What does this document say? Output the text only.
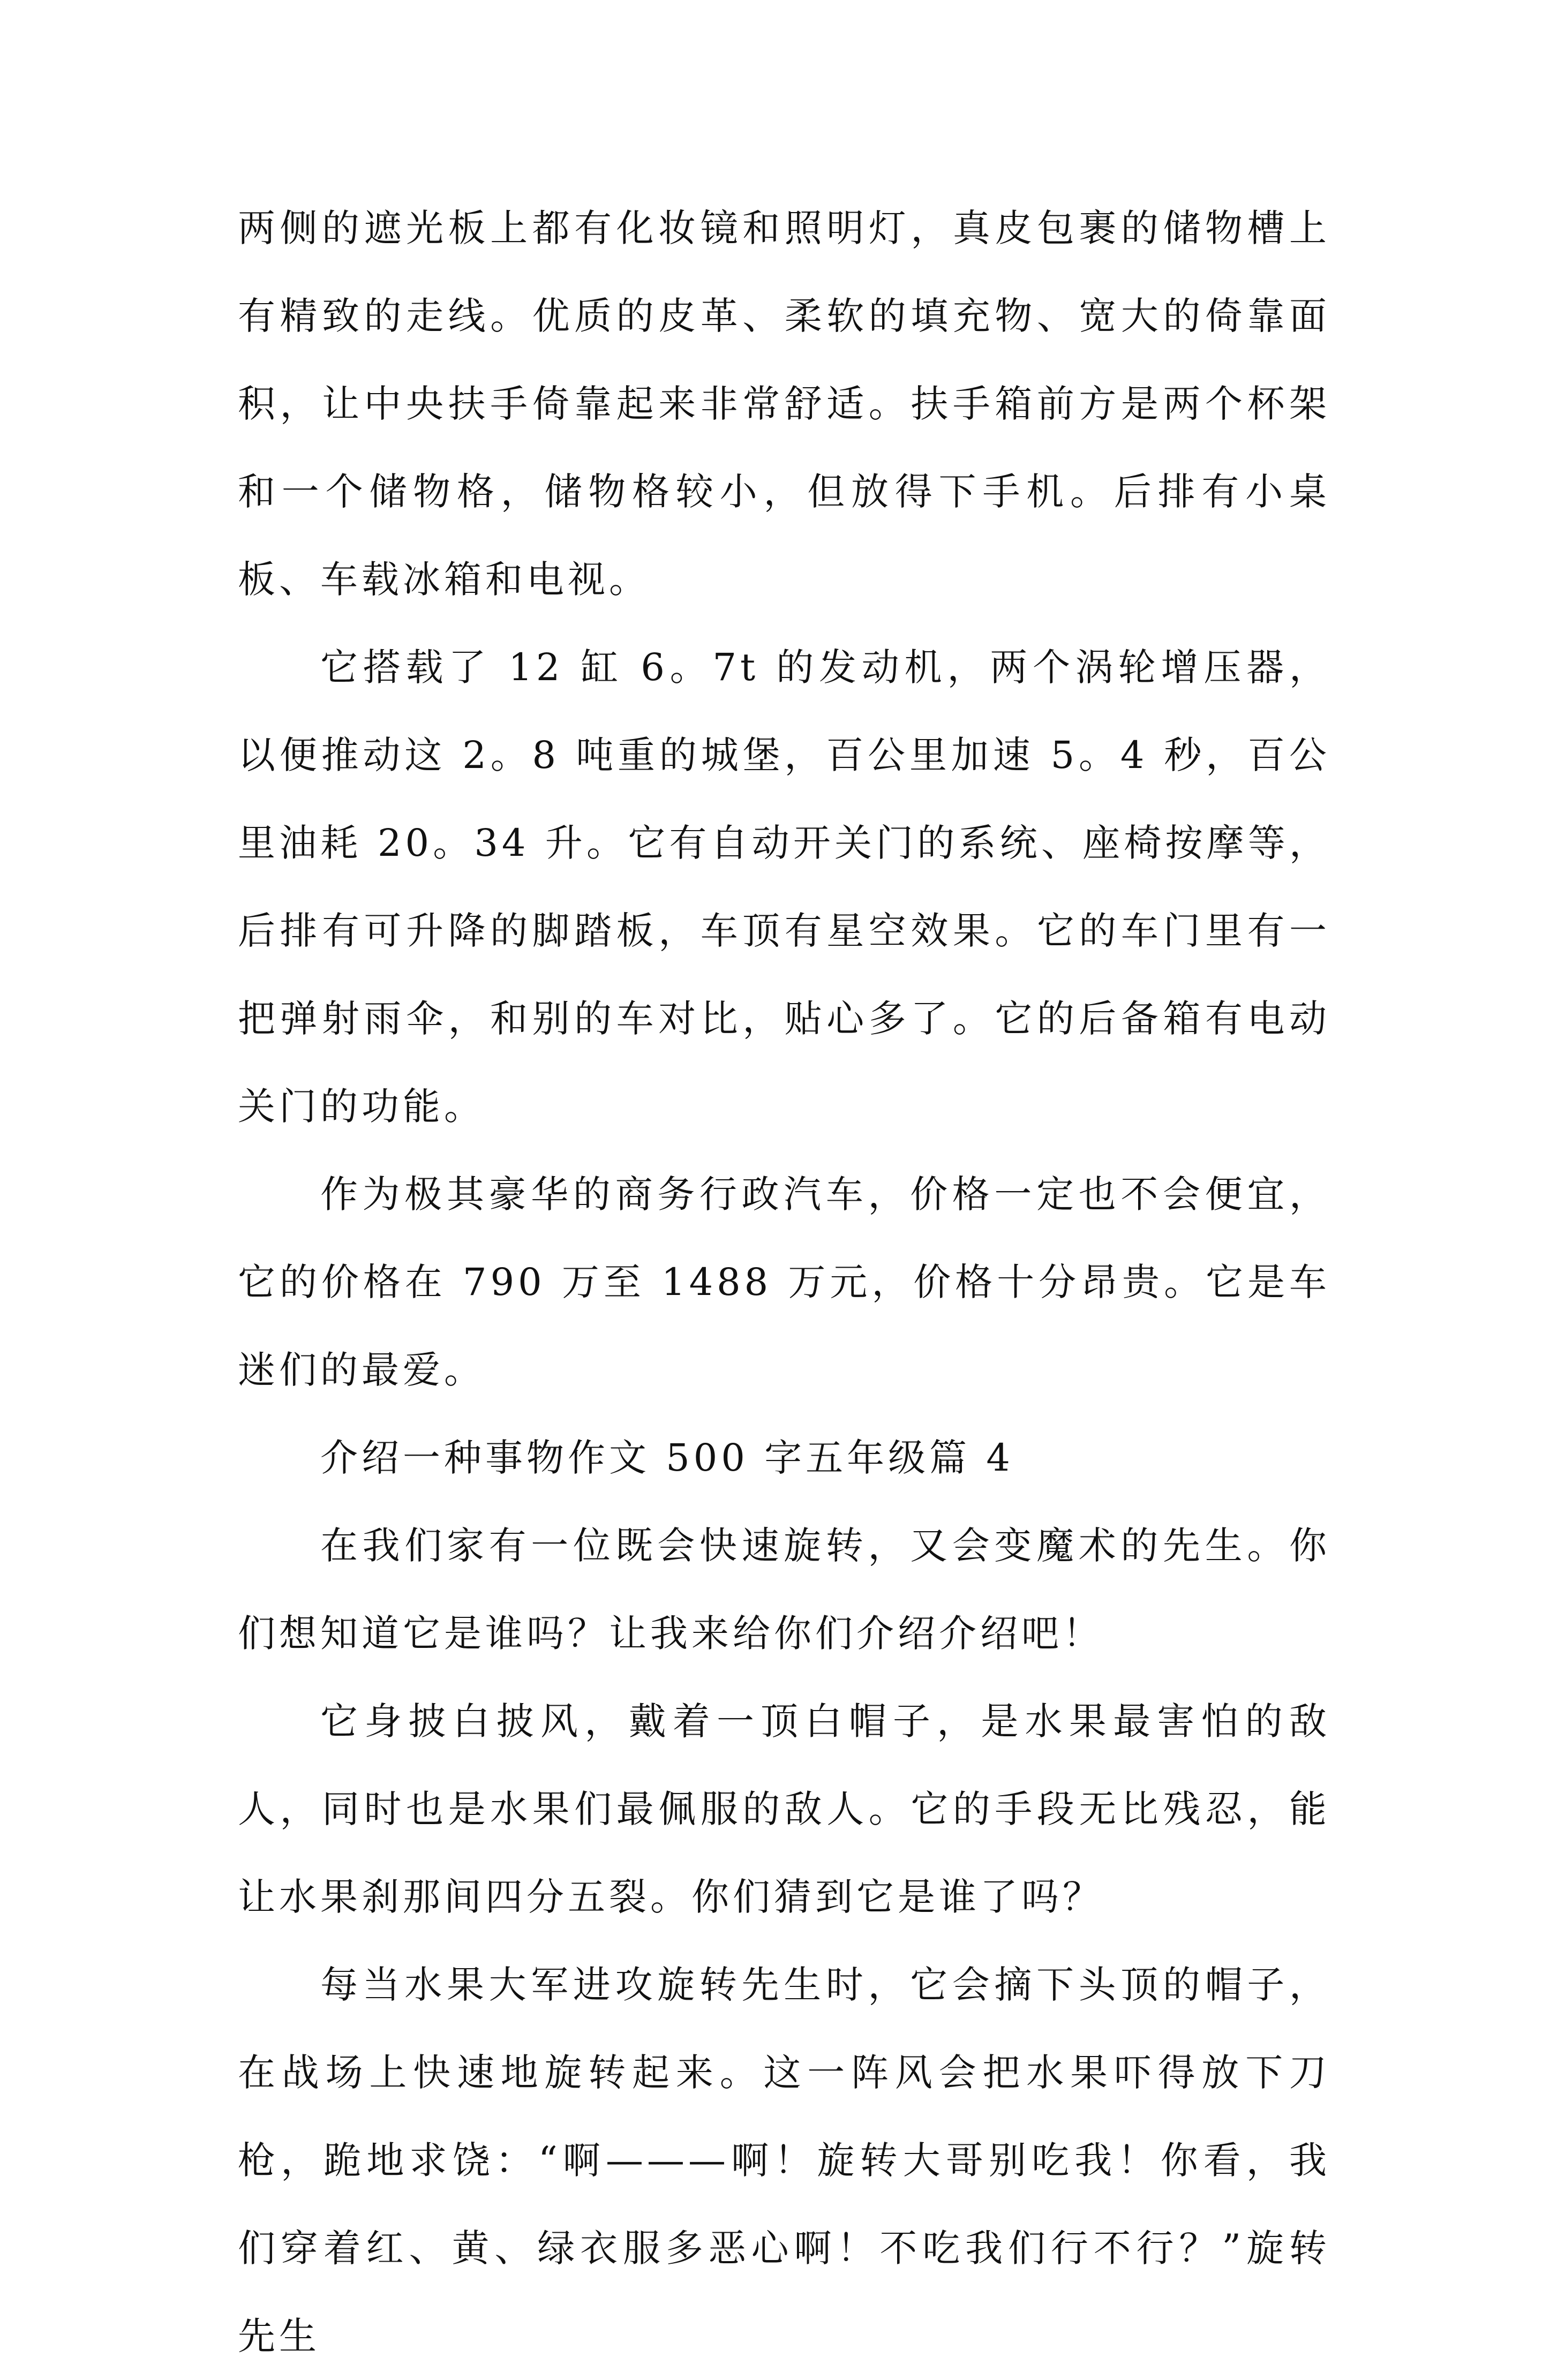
两侧的遮光板上都有化妆镜和照明灯，真皮包裹的储物槽上有精致的走线。优质的皮革、柔软的填充物、宽大的倚靠面积，让中央扶手倚靠起来非常舒适。扶手箱前方是两个杯架和一个储物格，储物格较小，但放得下手机。后排有小桌板、车载冰箱和电视。

它搭载了 12 缸 6。7t 的发动机，两个涡轮增压器，以便推动这 2。8 吨重的城堡，百公里加速 5。4 秒，百公里油耗 20。34 升。它有自动开关门的系统、座椅按摩等，后排有可升降的脚踏板，车顶有星空效果。它的车门里有一把弹射雨伞，和别的车对比，贴心多了。它的后备箱有电动关门的功能。

作为极其豪华的商务行政汽车，价格一定也不会便宜，它的价格在 790 万至 1488 万元，价格十分昂贵。它是车迷们的最爱。

介绍一种事物作文 500 字五年级篇 4

在我们家有一位既会快速旋转，又会变魔术的先生。你们想知道它是谁吗？让我来给你们介绍介绍吧！

它身披白披风，戴着一顶白帽子，是水果最害怕的敌人，同时也是水果们最佩服的敌人。它的手段无比残忍，能让水果刹那间四分五裂。你们猜到它是谁了吗？

每当水果大军进攻旋转先生时，它会摘下头顶的帽子，在战场上快速地旋转起来。这一阵风会把水果吓得放下刀枪，跪地求饶：“啊———啊！旋转大哥别吃我！你看，我们穿着红、黄、绿衣服多恶心啊！不吃我们行不行？”旋转先生
